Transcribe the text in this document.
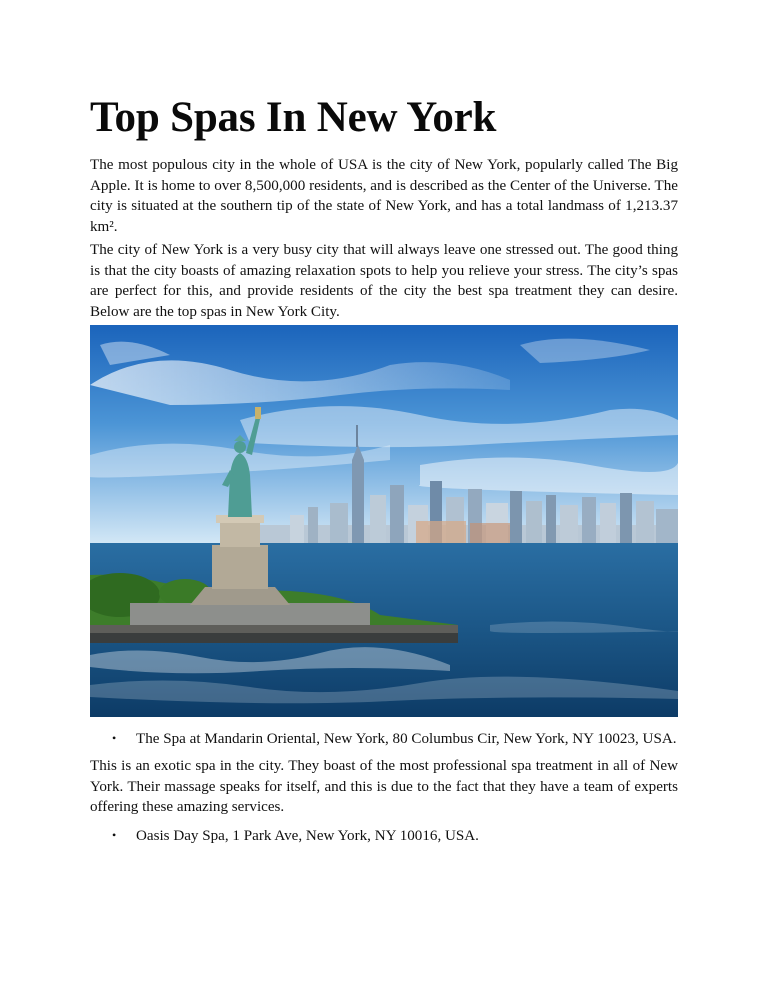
Top Spas In New York

The most populous city in the whole of USA is the city of New York, popularly called The Big Apple. It is home to over 8,500,000 residents, and is described as the Center of the Universe. The city is situated at the southern tip of the state of New York, and has a total landmass of 1,213.37 km².

The city of New York is a very busy city that will always leave one stressed out. The good thing is that the city boasts of amazing relaxation spots to help you relieve your stress. The city’s spas are perfect for this, and provide residents of the city the best spa treatment they can desire. Below are the top spas in New York City.

• The Spa at Mandarin Oriental, New York, 80 Columbus Cir, New York, NY 10023, USA.

This is an exotic spa in the city. They boast of the most professional spa treatment in all of New York. Their massage speaks for itself, and this is due to the fact that they have a team of experts offering these amazing services.

• Oasis Day Spa, 1 Park Ave, New York, NY 10016, USA.
